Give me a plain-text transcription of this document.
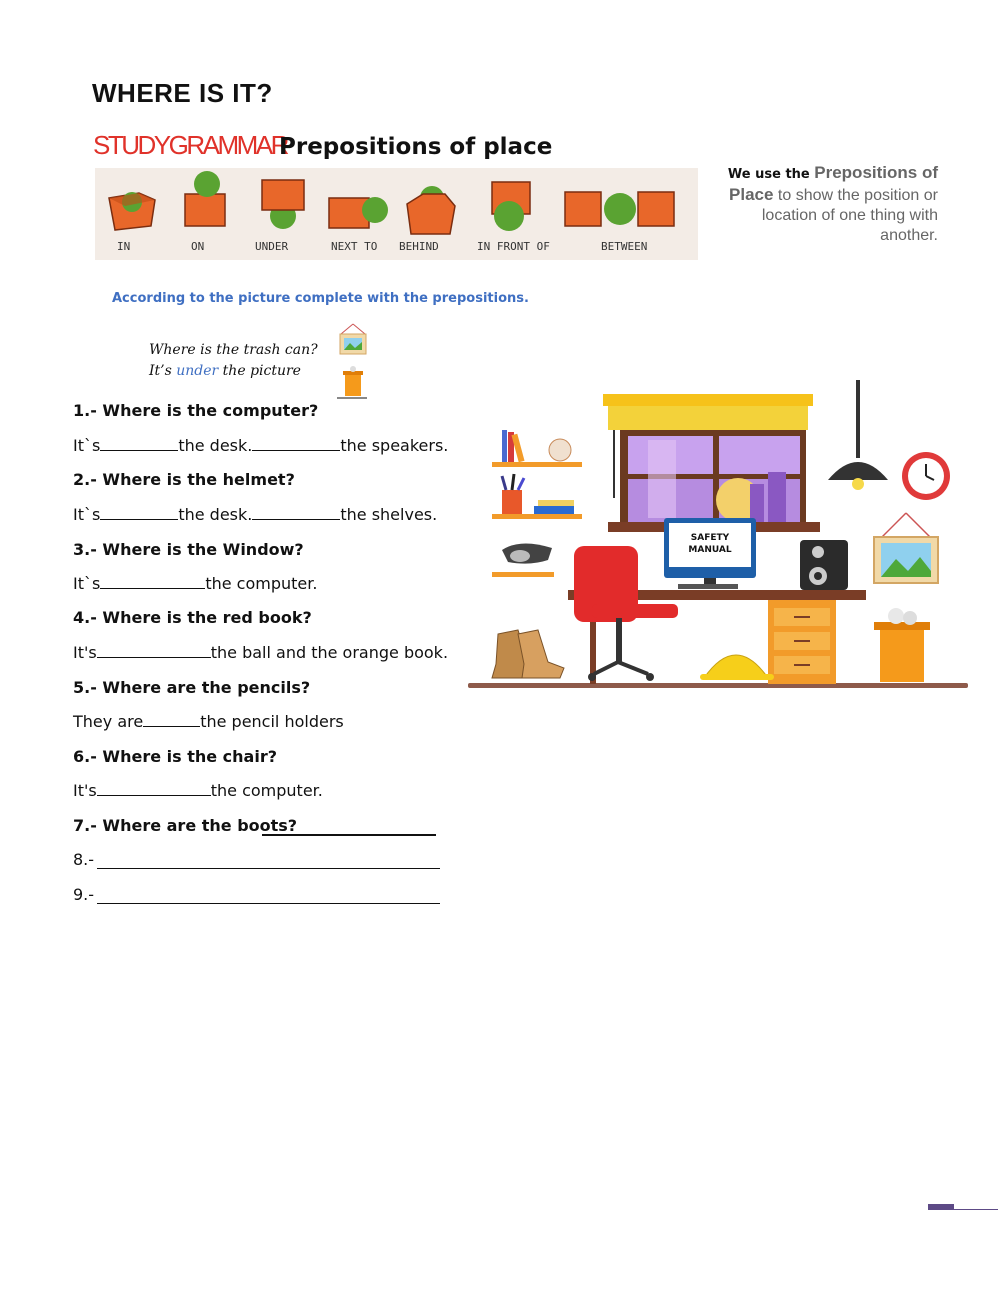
WHERE IS IT?
STUDYGRAMMAR
Prepositions of place
IN	ON	UNDER	NEXT TO BEHIND	IN FRONT OF	BETWEEN
We use the Prepositions of Place to show the position or location of one thing with another.
According to the picture complete with the prepositions.
Where is the trash can?
It’s under the picture
1.- Where is the computer?
It`s	the desk.	the speakers.
2.- Where is the helmet?
It`s	the desk.	the shelves.
3.- Where is the Window?
It`s	the computer.
4.- Where is the red book?
It's	the ball and the orange book.
5.- Where are the pencils?
They are	the pencil holders
6.- Where is the chair?
It's	the computer.
7.- Where are the boots?
8.-
9.-
SAFETY
MANUAL
